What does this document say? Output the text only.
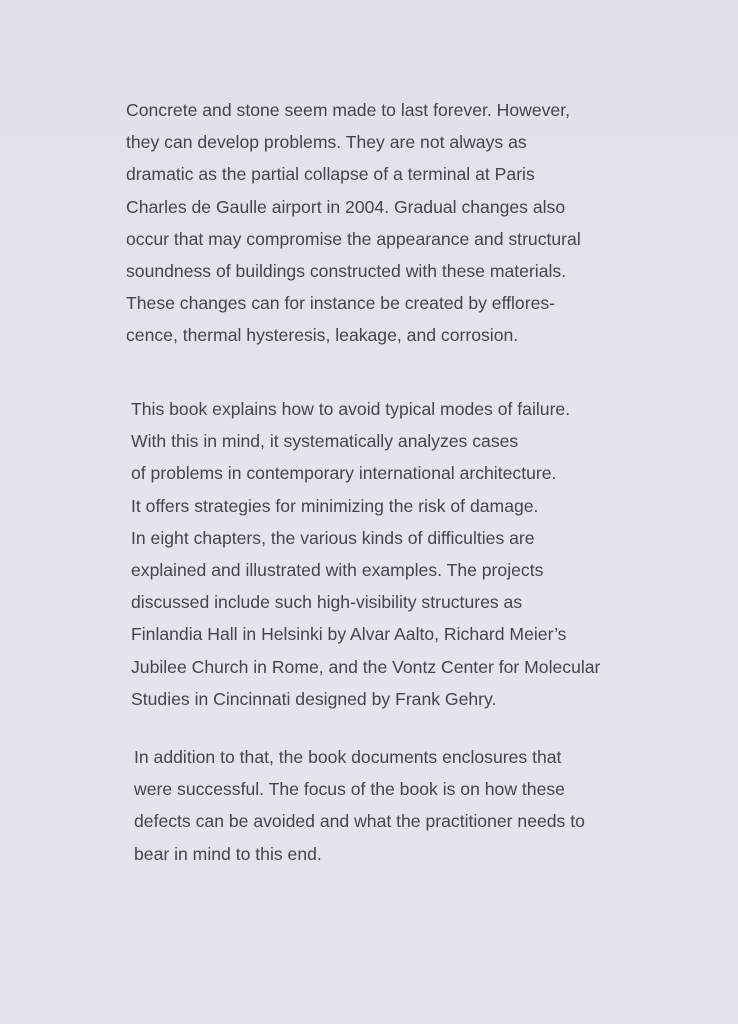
Concrete and stone seem made to last forever. However,
they can develop problems. They are not always as
dramatic as the partial collapse of a terminal at Paris
Charles de Gaulle airport in 2004. Gradual changes also
occur that may compromise the appearance and structural
soundness of buildings constructed with these materials.
These changes can for instance be created by efflores-
cence, thermal hysteresis, leakage, and corrosion.

This book explains how to avoid typical modes of failure.
With this in mind, it systematically analyzes cases
of problems in contemporary international architecture.
It offers strategies for minimizing the risk of damage.
In eight chapters, the various kinds of difficulties are
explained and illustrated with examples. The projects
discussed include such high-visibility structures as
Finlandia Hall in Helsinki by Alvar Aalto, Richard Meier’s
Jubilee Church in Rome, and the Vontz Center for Molecular
Studies in Cincinnati designed by Frank Gehry.

In addition to that, the book documents enclosures that
were successful. The focus of the book is on how these
defects can be avoided and what the practitioner needs to
bear in mind to this end.
